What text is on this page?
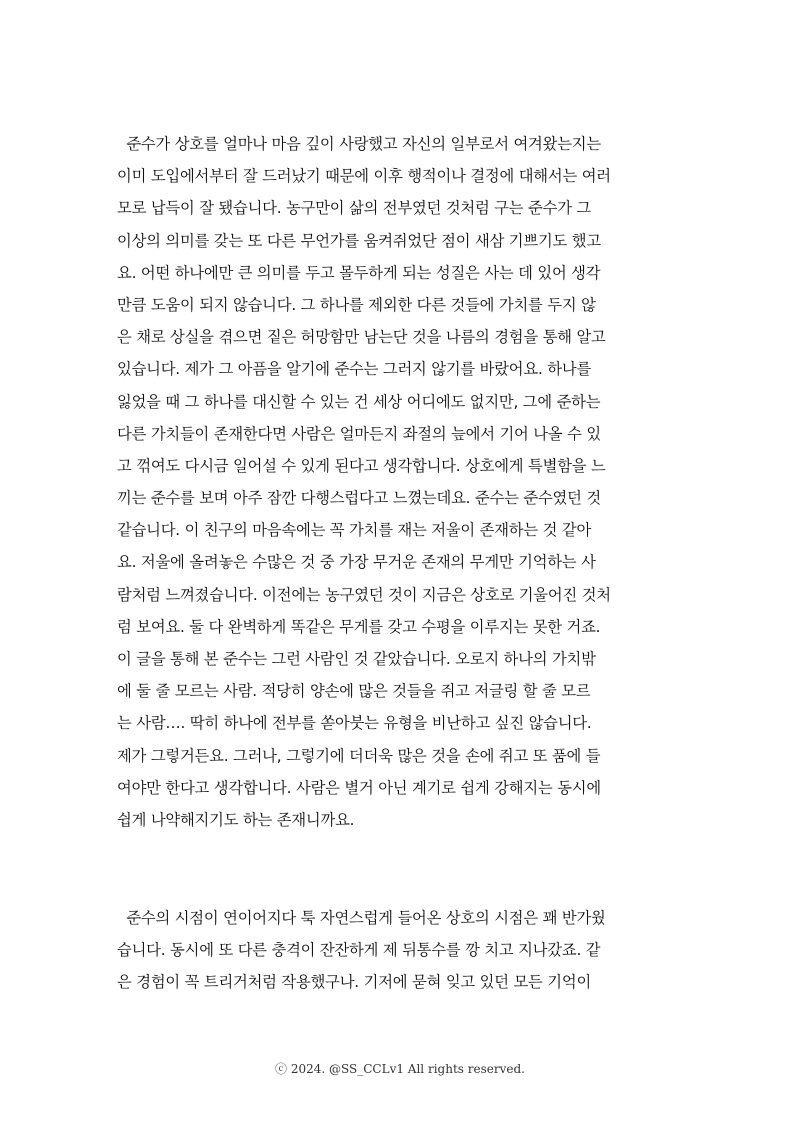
준수가 상호를 얼마나 마음 깊이 사랑했고 자신의 일부로서 여겨왔는지는
이미 도입에서부터 잘 드러났기 때문에 이후 행적이나 결정에 대해서는 여러
모로 납득이 잘 됐습니다. 농구만이 삶의 전부였던 것처럼 구는 준수가 그
이상의 의미를 갖는 또 다른 무언가를 움켜쥐었단 점이 새삼 기쁘기도 했고
요. 어떤 하나에만 큰 의미를 두고 몰두하게 되는 성질은 사는 데 있어 생각
만큼 도움이 되지 않습니다. 그 하나를 제외한 다른 것들에 가치를 두지 않
은 채로 상실을 겪으면 짙은 허망함만 남는단 것을 나름의 경험을 통해 알고
있습니다. 제가 그 아픔을 알기에 준수는 그러지 않기를 바랐어요. 하나를
잃었을 때 그 하나를 대신할 수 있는 건 세상 어디에도 없지만, 그에 준하는
다른 가치들이 존재한다면 사람은 얼마든지 좌절의 늪에서 기어 나올 수 있
고 꺾여도 다시금 일어설 수 있게 된다고 생각합니다. 상호에게 특별함을 느
끼는 준수를 보며 아주 잠깐 다행스럽다고 느꼈는데요. 준수는 준수였던 것
같습니다. 이 친구의 마음속에는 꼭 가치를 재는 저울이 존재하는 것 같아
요. 저울에 올려놓은 수많은 것 중 가장 무거운 존재의 무게만 기억하는 사
람처럼 느껴졌습니다. 이전에는 농구였던 것이 지금은 상호로 기울어진 것처
럼 보여요. 둘 다 완벽하게 똑같은 무게를 갖고 수평을 이루지는 못한 거죠.
이 글을 통해 본 준수는 그런 사람인 것 같았습니다. 오로지 하나의 가치밖
에 둘 줄 모르는 사람. 적당히 양손에 많은 것들을 쥐고 저글링 할 줄 모르
는 사람…. 딱히 하나에 전부를 쏟아붓는 유형을 비난하고 싶진 않습니다.
제가 그렇거든요. 그러나, 그렇기에 더더욱 많은 것을 손에 쥐고 또 품에 들
여야만 한다고 생각합니다. 사람은 별거 아닌 계기로 쉽게 강해지는 동시에
쉽게 나약해지기도 하는 존재니까요.
준수의 시점이 연이어지다 툭 자연스럽게 들어온 상호의 시점은 꽤 반가웠
습니다. 동시에 또 다른 충격이 잔잔하게 제 뒤통수를 깡 치고 지나갔죠. 같
은 경험이 꼭 트리거처럼 작용했구나. 기저에 묻혀 잊고 있던 모든 기억이
ⓒ 2024. @SS_CCLv1 All rights reserved.
